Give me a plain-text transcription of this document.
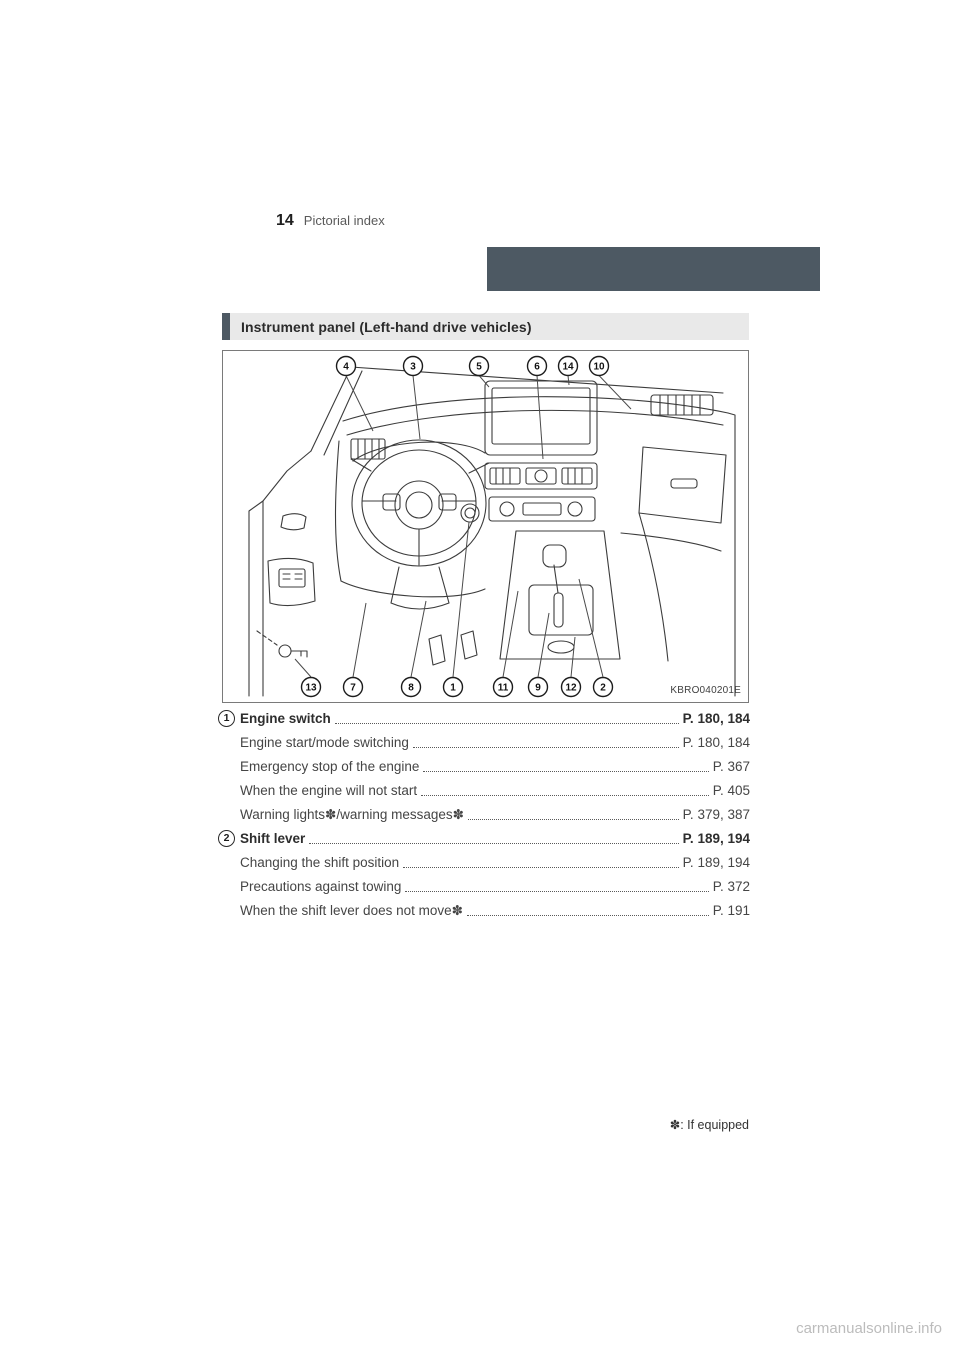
14 Pictorial index
Instrument panel (Left-hand drive vehicles)
4	3	5	6 14 10
13	7	8	1	11	9 12 2	KBRO040201E
1 Engine switch	P. 180, 184
Engine start/mode switching	P. 180, 184
Emergency stop of the engine	P. 367
When the engine will not start	P. 405
Warning lights✽/warning messages✽	P. 379, 387
2 Shift lever	P. 189, 194
Changing the shift position	P. 189, 194
Precautions against towing	P. 372
When the shift lever does not move✽	P. 191
✽: If equipped
carmanualsonline.info
